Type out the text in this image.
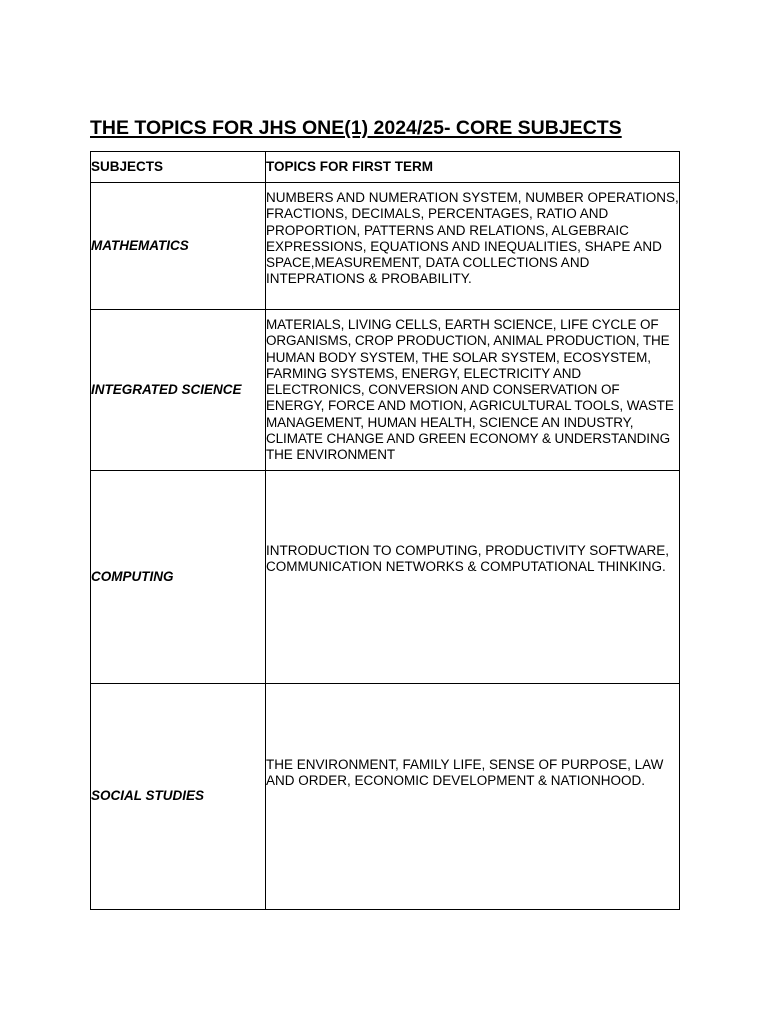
THE TOPICS FOR JHS ONE(1) 2024/25- CORE SUBJECTS
SUBJECTS	TOPICS FOR FIRST TERM
MATHEMATICS	NUMBERS AND NUMERATION SYSTEM, NUMBER OPERATIONS, FRACTIONS, DECIMALS, PERCENTAGES, RATIO AND PROPORTION, PATTERNS AND RELATIONS, ALGEBRAIC EXPRESSIONS, EQUATIONS AND INEQUALITIES, SHAPE AND SPACE,MEASUREMENT, DATA COLLECTIONS AND INTEPRATIONS & PROBABILITY.

INTEGRATED SCIENCE	MATERIALS, LIVING CELLS, EARTH SCIENCE, LIFE CYCLE OF ORGANISMS, CROP PRODUCTION, ANIMAL PRODUCTION, THE HUMAN BODY SYSTEM, THE SOLAR SYSTEM, ECOSYSTEM, FARMING SYSTEMS, ENERGY, ELECTRICITY AND ELECTRONICS, CONVERSION AND CONSERVATION OF ENERGY, FORCE AND MOTION, AGRICULTURAL TOOLS, WASTE MANAGEMENT, HUMAN HEALTH, SCIENCE AN INDUSTRY, CLIMATE CHANGE AND GREEN ECONOMY & UNDERSTANDING THE ENVIRONMENT

COMPUTING	INTRODUCTION TO COMPUTING, PRODUCTIVITY SOFTWARE, COMMUNICATION NETWORKS & COMPUTATIONAL THINKING.

SOCIAL STUDIES	THE ENVIRONMENT, FAMILY LIFE, SENSE OF PURPOSE, LAW AND ORDER, ECONOMIC DEVELOPMENT & NATIONHOOD.
